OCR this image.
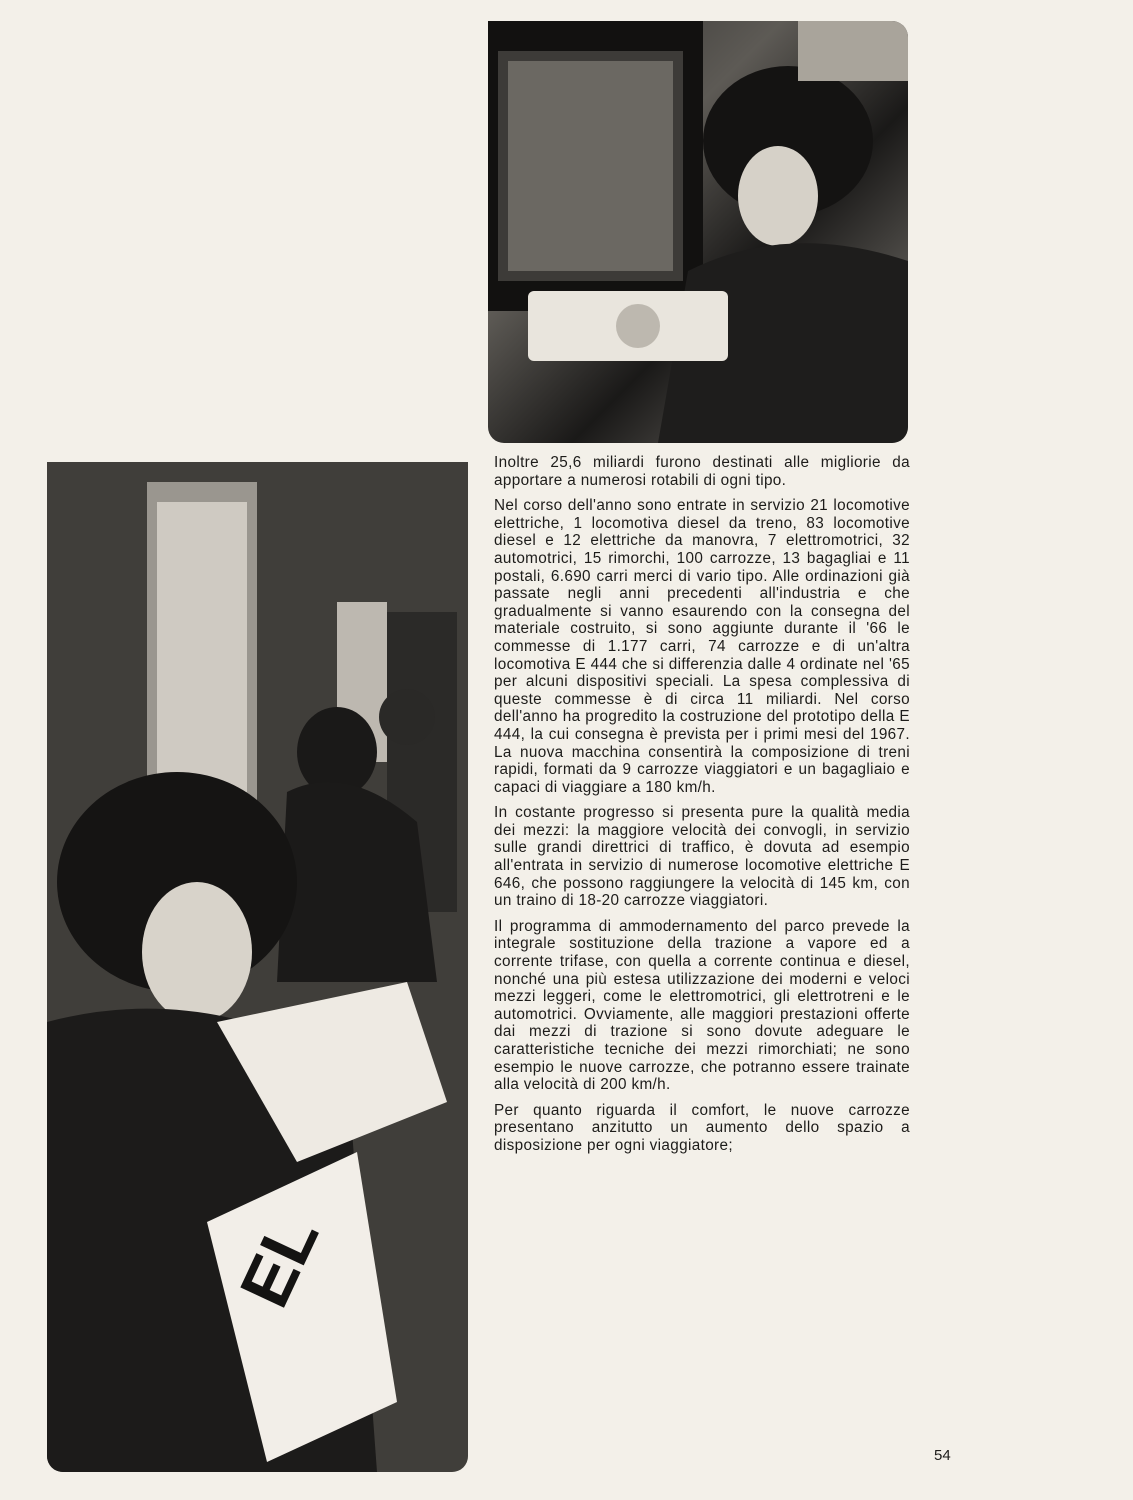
EL

Inoltre 25,6 miliardi furono destinati alle migliorie da apportare a numerosi rotabili di ogni tipo.

Nel corso dell'anno sono entrate in servizio 21 locomotive elettriche, 1 locomotiva diesel da treno, 83 locomotive diesel e 12 elettriche da manovra, 7 elettromotrici, 32 automotrici, 15 rimorchi, 100 carrozze, 13 bagagliai e 11 postali, 6.690 carri merci di vario tipo. Alle ordinazioni già passate negli anni precedenti all'industria e che gradualmente si vanno esaurendo con la consegna del materiale costruito, si sono aggiunte durante il '66 le commesse di 1.177 carri, 74 carrozze e di un'altra locomotiva E 444 che si differenzia dalle 4 ordinate nel '65 per alcuni dispositivi speciali. La spesa complessiva di queste commesse è di circa 11 miliardi. Nel corso dell'anno ha progredito la costruzione del prototipo della E 444, la cui consegna è prevista per i primi mesi del 1967. La nuova macchina consentirà la composizione di treni rapidi, formati da 9 carrozze viaggiatori e un bagagliaio e capaci di viaggiare a 180 km/h.

In costante progresso si presenta pure la qualità media dei mezzi: la maggiore velocità dei convogli, in servizio sulle grandi direttrici di traffico, è dovuta ad esempio all'entrata in servizio di numerose locomotive elettriche E 646, che possono raggiungere la velocità di 145 km, con un traino di 18-20 carrozze viaggiatori.

Il programma di ammodernamento del parco prevede la integrale sostituzione della trazione a vapore ed a corrente trifase, con quella a corrente continua e diesel, nonché una più estesa utilizzazione dei moderni e veloci mezzi leggeri, come le elettromotrici, gli elettrotreni e le automotrici. Ovviamente, alle maggiori prestazioni offerte dai mezzi di trazione si sono dovute adeguare le caratteristiche tecniche dei mezzi rimorchiati; ne sono esempio le nuove carrozze, che potranno essere trainate alla velocità di 200 km/h.

Per quanto riguarda il comfort, le nuove carrozze presentano anzitutto un aumento dello spazio a disposizione per ogni viaggiatore;

54
